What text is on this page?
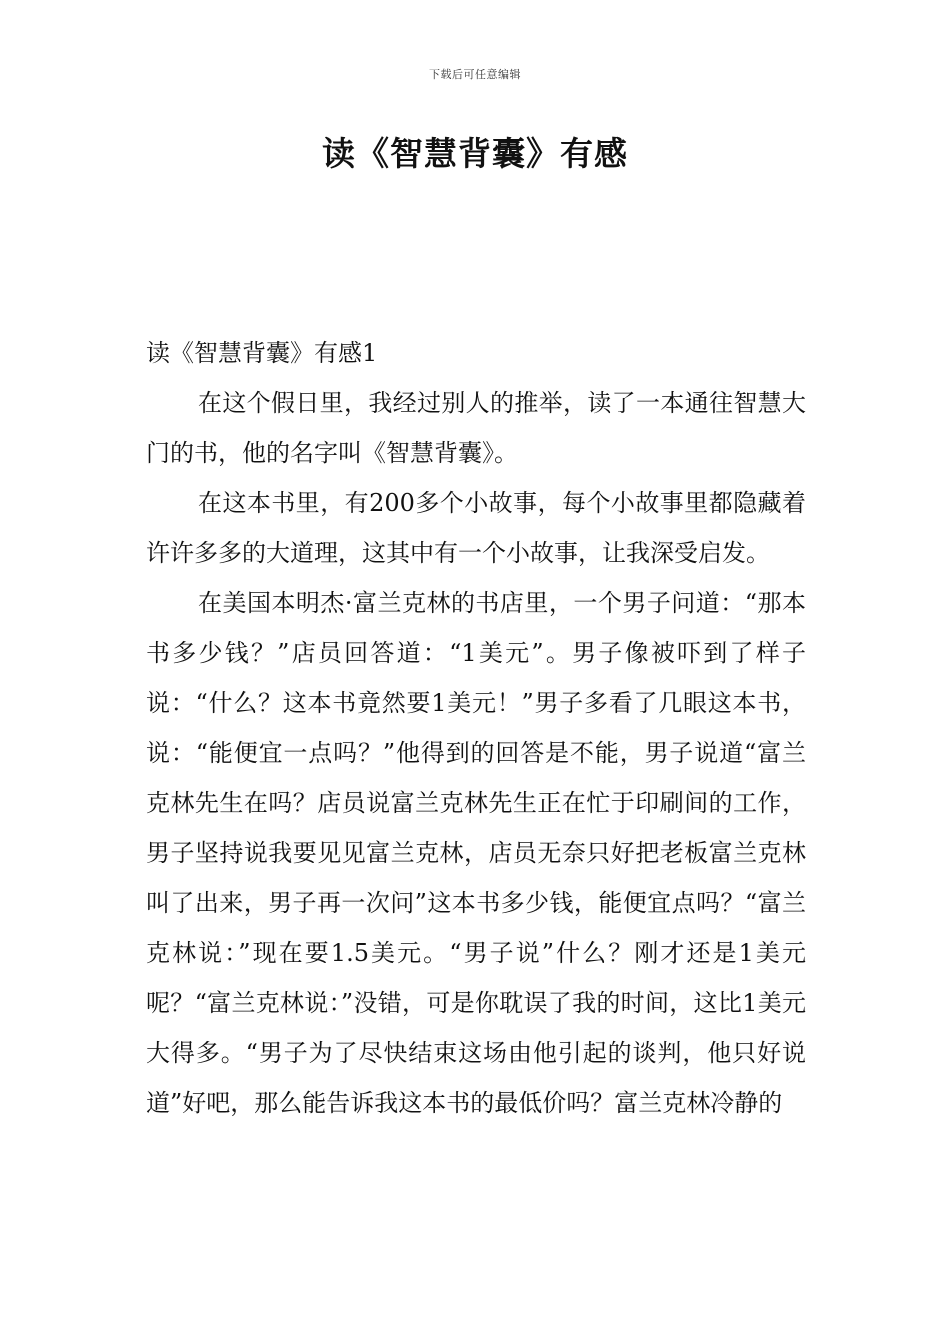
下载后可任意编辑
读《智慧背囊》有感
读《智慧背囊》有感1

在这个假日里，我经过别人的推举，读了一本通往智慧大门的书，他的名字叫《智慧背囊》。

在这本书里，有200多个小故事，每个小故事里都隐藏着许许多多的大道理，这其中有一个小故事，让我深受启发。

在美国本明杰·富兰克林的书店里，一个男子问道：“那本书多少钱？”店员回答道：“1美元”。男子像被吓到了样子说：“什么？这本书竟然要1美元！”男子多看了几眼这本书，说：“能便宜一点吗？”他得到的回答是不能，男子说道“富兰克林先生在吗？店员说富兰克林先生正在忙于印刷间的工作，男子坚持说我要见见富兰克林，店员无奈只好把老板富兰克林叫了出来，男子再一次问”这本书多少钱，能便宜点吗？“富兰克林说：”现在要1.5美元。“男子说”什么？刚才还是1美元呢？“富兰克林说：”没错，可是你耽误了我的时间，这比1美元大得多。“男子为了尽快结束这场由他引起的谈判，他只好说道”好吧，那么能告诉我这本书的最低价吗？富兰克林冷静的
